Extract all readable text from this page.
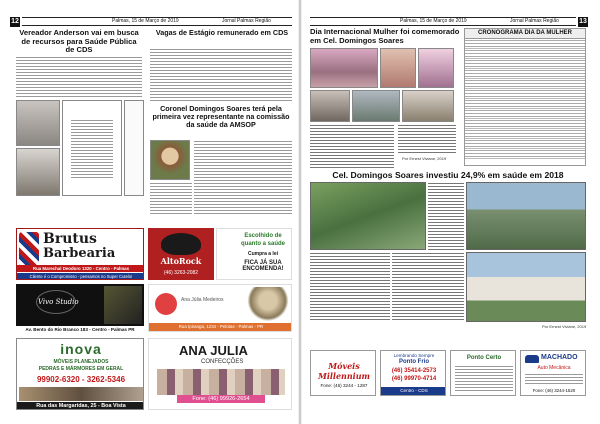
12	Palmas, 15 de Março de 2019	Jornal Palmas Região
Vereador Anderson vai em busca de recursos para Saúde Pública de CDS
Vagas de Estágio remunerado em CDS
Coronel Domingos Soares terá pela primeira vez representante na comissão da saúde da AMSOP
Brutus
Barbearia
Rua Marechal Deodoro 1320 - Centro - Palmas
Cliente é o Compromisso - pensamos no Super Cutelo!
AltoRock
(46) 3263-2082
Escolhido de
quanto a saúde
Cumpra a lei
FICA JÁ SUA ENCOMENDA!
Vivo Studio
Av. Bento do Rio Branco 183 - Centro - Palmas PR
Ana Júlia Medeiros
Rua Ipiranga, 1234 - Pelotas - Palmas - PR
inova
MÓVEIS PLANEJADOS
PEDRAS E MÁRMORES EM GERAL
99902-6320 - 3262-5346
Rua das Margaridas, 25 - Boa Vista
ANA JULIA
CONFECÇÕES
Fone: (46) 99926-2654
Palmas, 15 de Março de 2019	Jornal Palmas Região	13
Dia Internacional Mulher foi comemorado em Cel. Domingos Soares
Por Ernest Viviane, 2019
CRONOGRAMA DIA DA MULHER
Cel. Domingos Soares investiu 24,9% em saúde em 2018
Por Ernest Viviane, 2019
Móveis Millennium
Fone: (46) 3244 - 1287
Lembrando Sempre
Ponto Frio
(46) 35414-2573
(46) 99970-4714
Centro - CDS
Ponto Certo	MACHADO
Auto Mecânica
Fone: (46) 3244-1520
